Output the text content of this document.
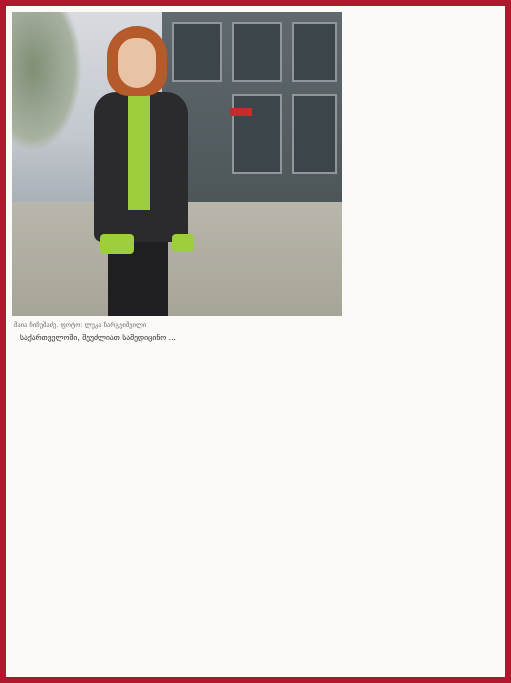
მაია ჩიჩუშაძე. ფოტო: ლუკა ჩარგეიშვილი

საქართველოში, შეუძლიათ სამედიცინო ...
